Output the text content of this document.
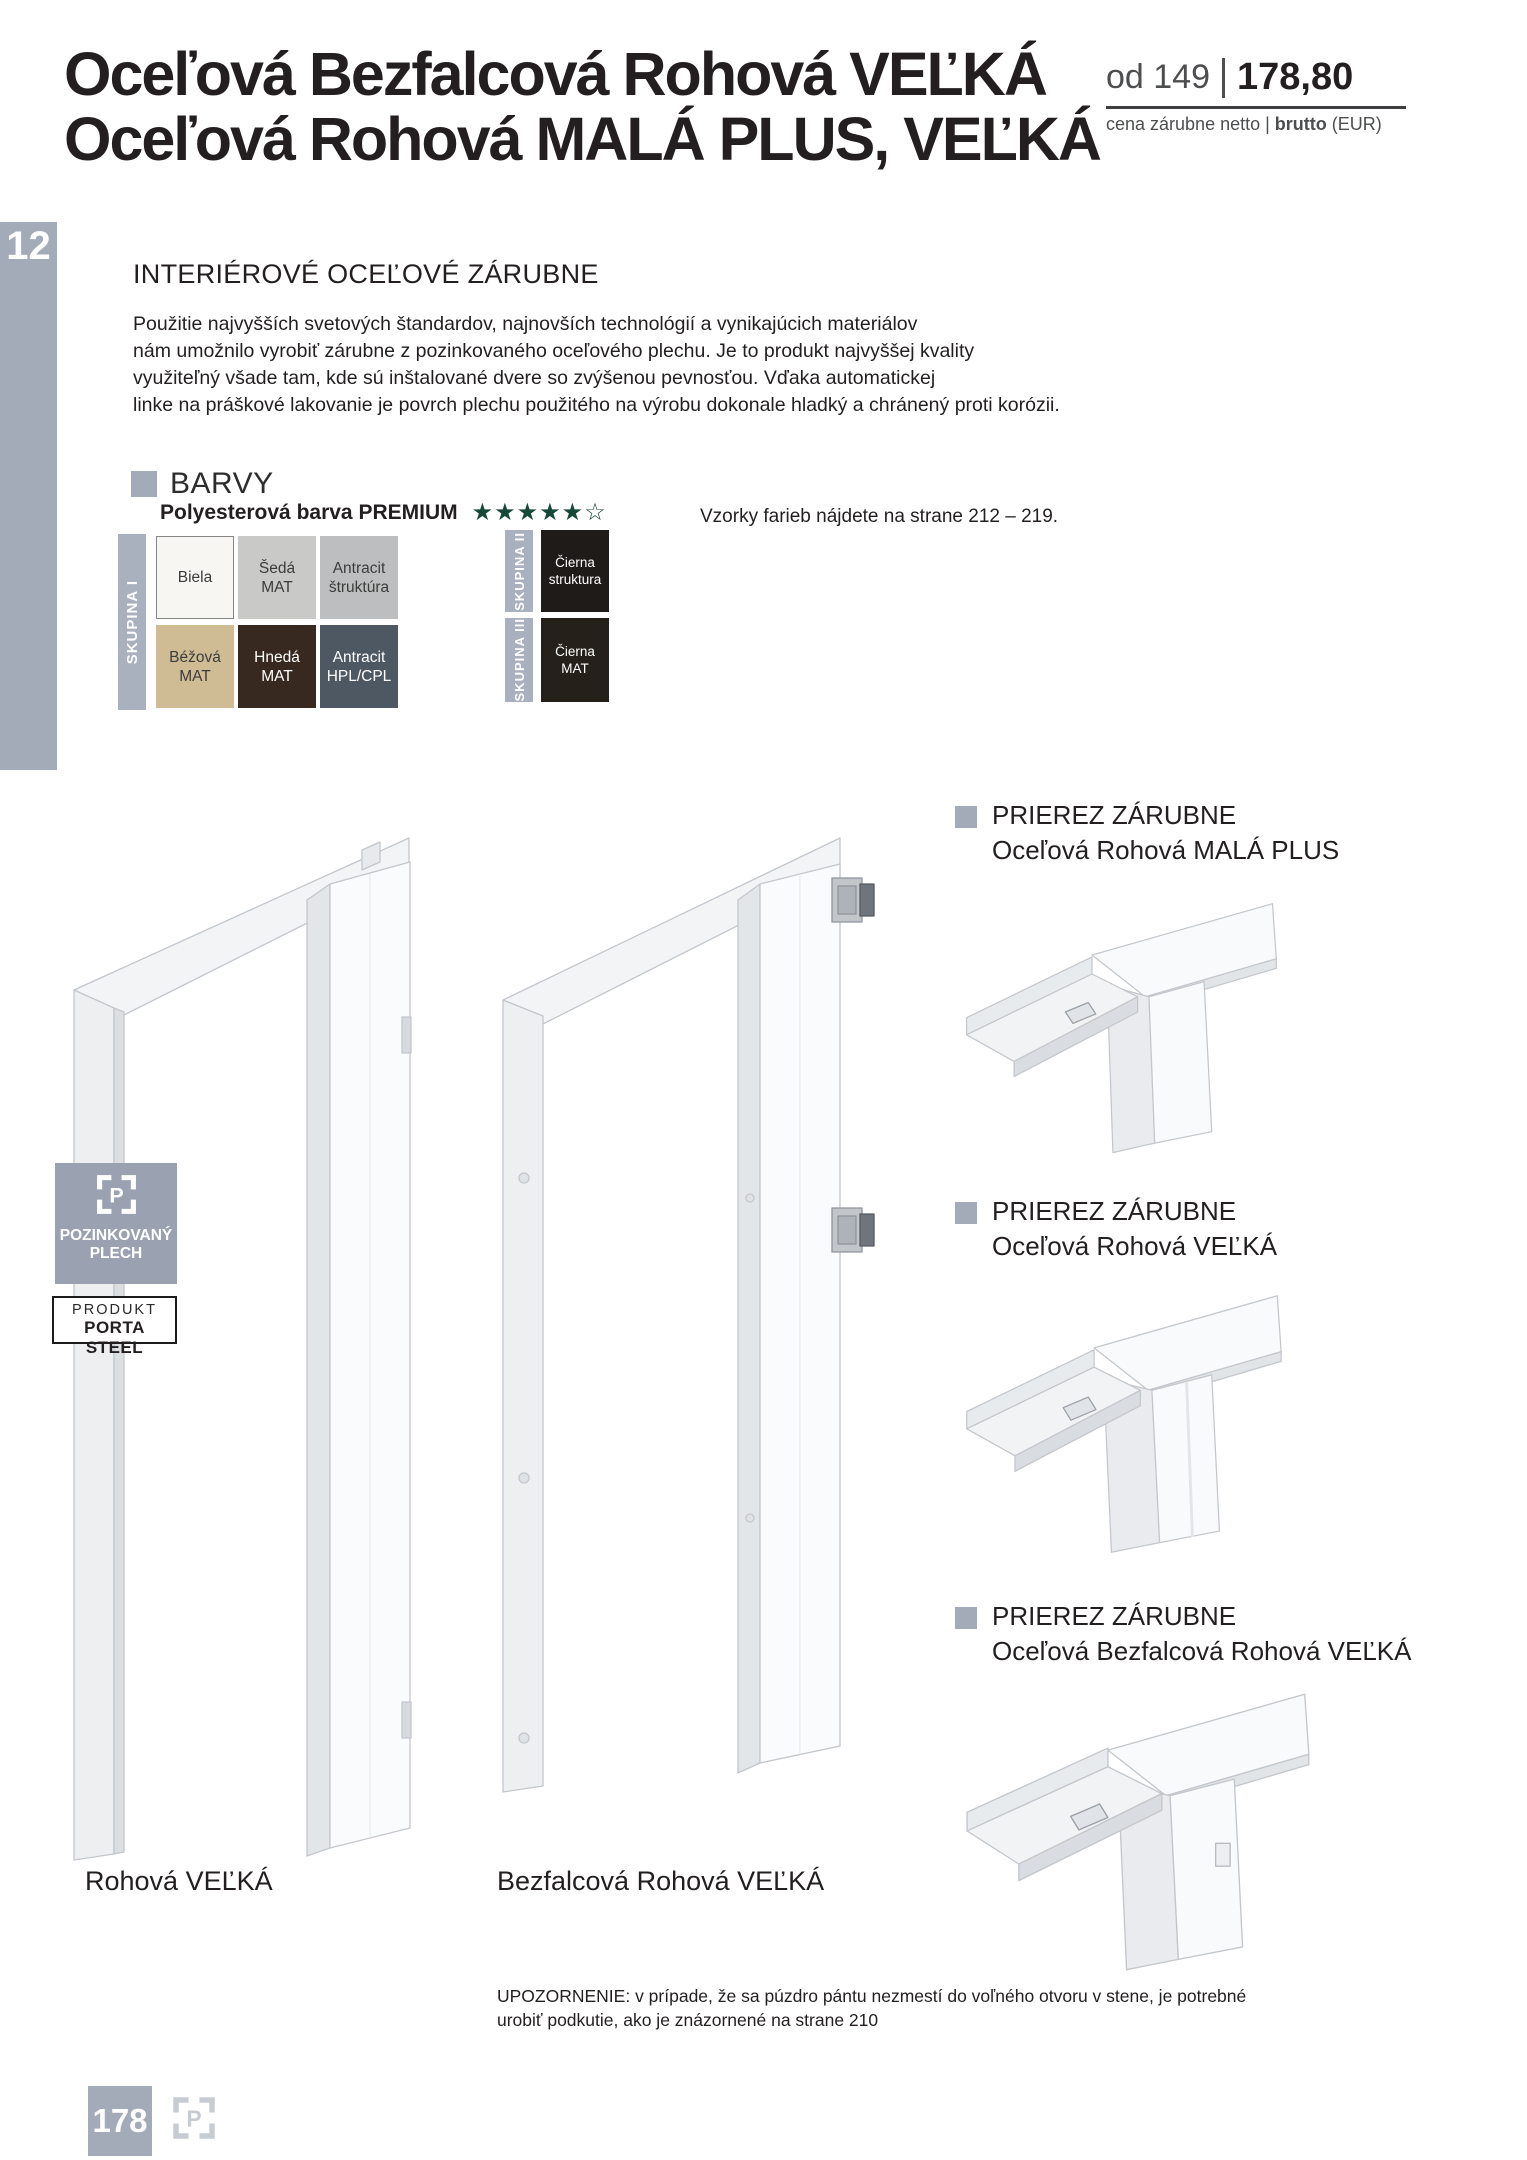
Oceľová Bezfalcová Rohová VEĽKÁ
Oceľová Rohová MALÁ PLUS, VEĽKÁ
od 149 178,80
cena zárubne netto | brutto (EUR)
12
INTERIÉROVÉ OCEĽOVÉ ZÁRUBNE
Použitie najvyšších svetových štandardov, najnovších technológií a vynikajúcich materiálov
nám umožnilo vyrobiť zárubne z pozinkovaného oceľového plechu. Je to produkt najvyššej kvality
využiteľný všade tam, kde sú inštalované dvere so zvýšenou pevnosťou. Vďaka automatickej
linke na práškové lakovanie je povrch plechu použitého na výrobu dokonale hladký a chránený proti korózii.
BARVY
Polyesterová barva PREMIUM ★★★★★☆	Vzorky farieb nájdete na strane 212 – 219.
SKUPINA I
SKUPINA II
SKUPINA III
Biela
Šedá
MAT
Antracit
štruktúra
Béžová
MAT
Hnedá
MAT
Antracit
HPL/CPL
Čierna
struktura
Čierna
MAT
P
POZINKOVANÝ
PLECH
PRODUKT
PORTA STEEL
PRIEREZ ZÁRUBNE
Oceľová Rohová MALÁ PLUS
PRIEREZ ZÁRUBNE
Oceľová Rohová VEĽKÁ
PRIEREZ ZÁRUBNE
Oceľová Bezfalcová Rohová VEĽKÁ
Rohová VEĽKÁ	Bezfalcová Rohová VEĽKÁ
UPOZORNENIE: v prípade, že sa púzdro pántu nezmestí do voľného otvoru v stene, je potrebné
urobiť podkutie, ako je znázornené na strane 210
178 P
